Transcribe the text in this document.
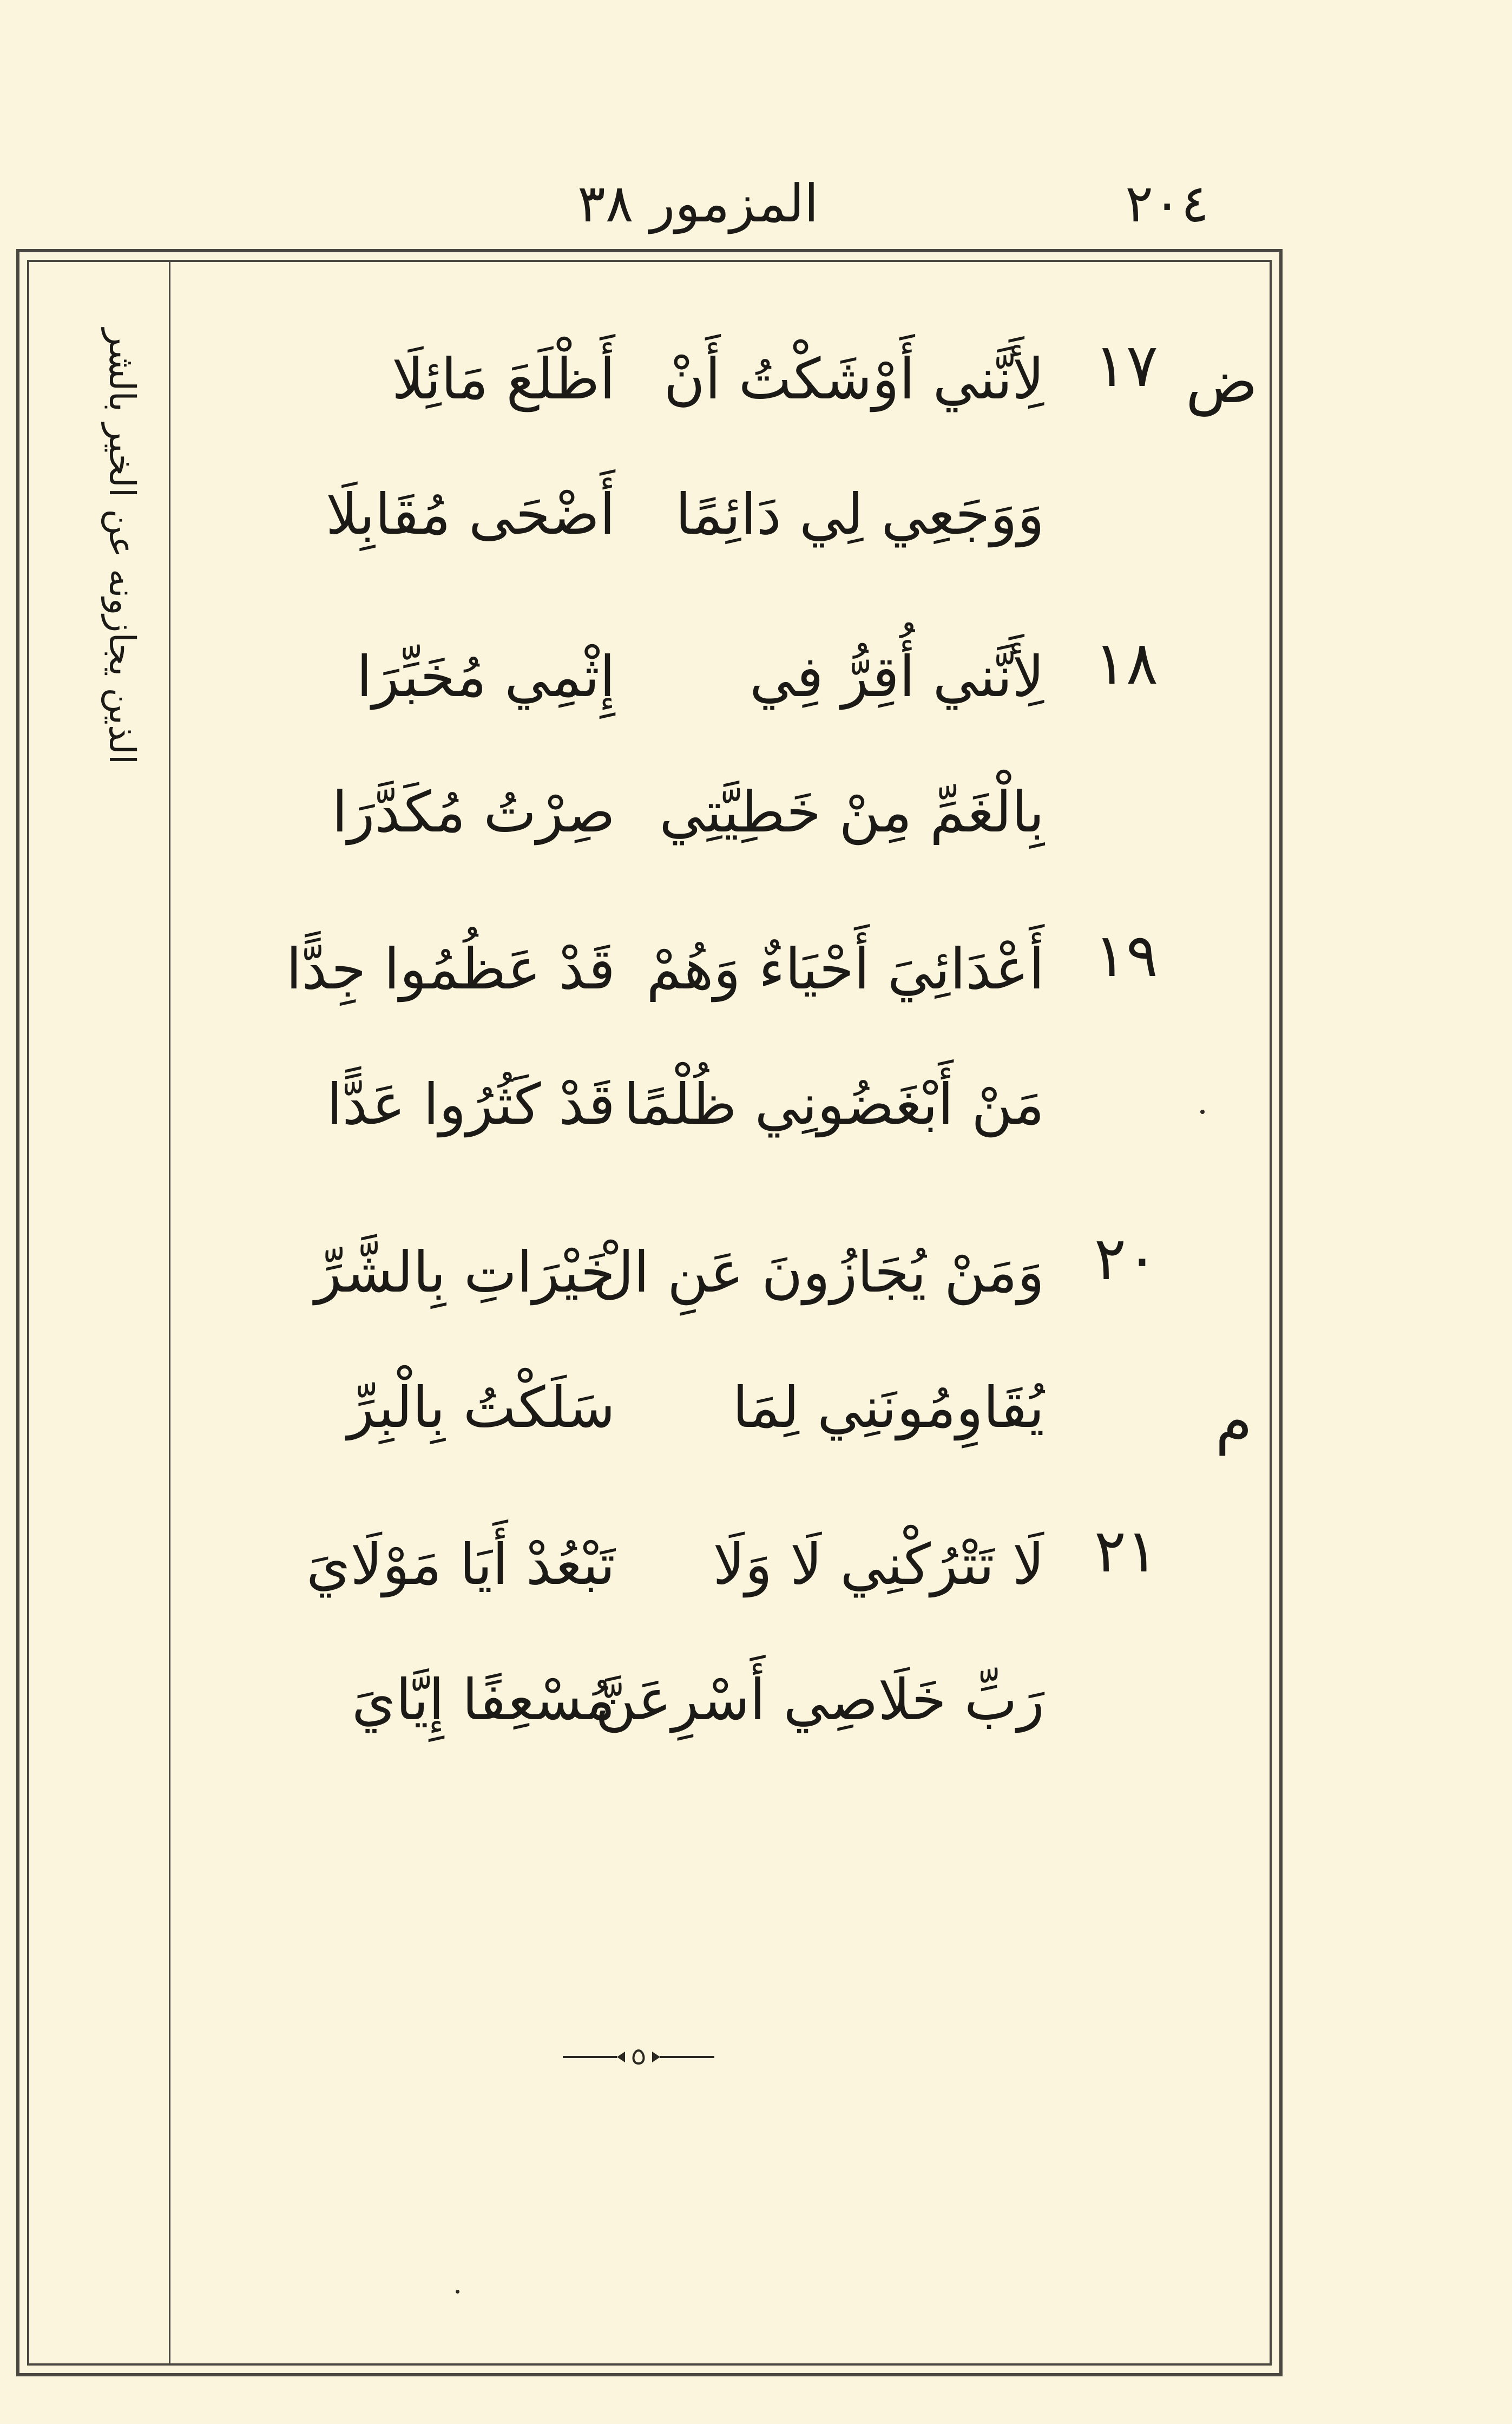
٢٠٤
المزمور ٣٨
الذين يجازونه عن الخير بالشر	ض
م
١٧
لِأَنَّني أَوْشَكْتُ أَنْ أَظْلَعَ مَائِلَا
وَوَجَعِي لِي دَائِمًا أَضْحَى مُقَابِلَا
١٨
لِأَنَّني أُقِرُّ فِي إِثْمِي مُخَبِّرَا
بِالْغَمِّ مِنْ خَطِيَّتِي صِرْتُ مُكَدَّرَا
١٩
أَعْدَائِيَ أَحْيَاءٌ وَهُمْ قَدْ عَظُمُوا جِدًّا
مَنْ أَبْغَضُونِي ظُلْمًا قَدْ كَثُرُوا عَدًّا
٢٠
وَمَنْ يُجَازُونَ عَنِ الْ خَيْرَاتِ بِالشَّرِّ
يُقَاوِمُونَنِي لِمَا سَلَكْتُ بِالْبِرِّ
٢١
لَا تَتْرُكْنِي لَا وَلَا تَبْعُدْ أَيَا مَوْلَايَ
رَبِّ خَلَاصِي أَسْرِعَنَّ مُسْعِفًا إِيَّايَ
